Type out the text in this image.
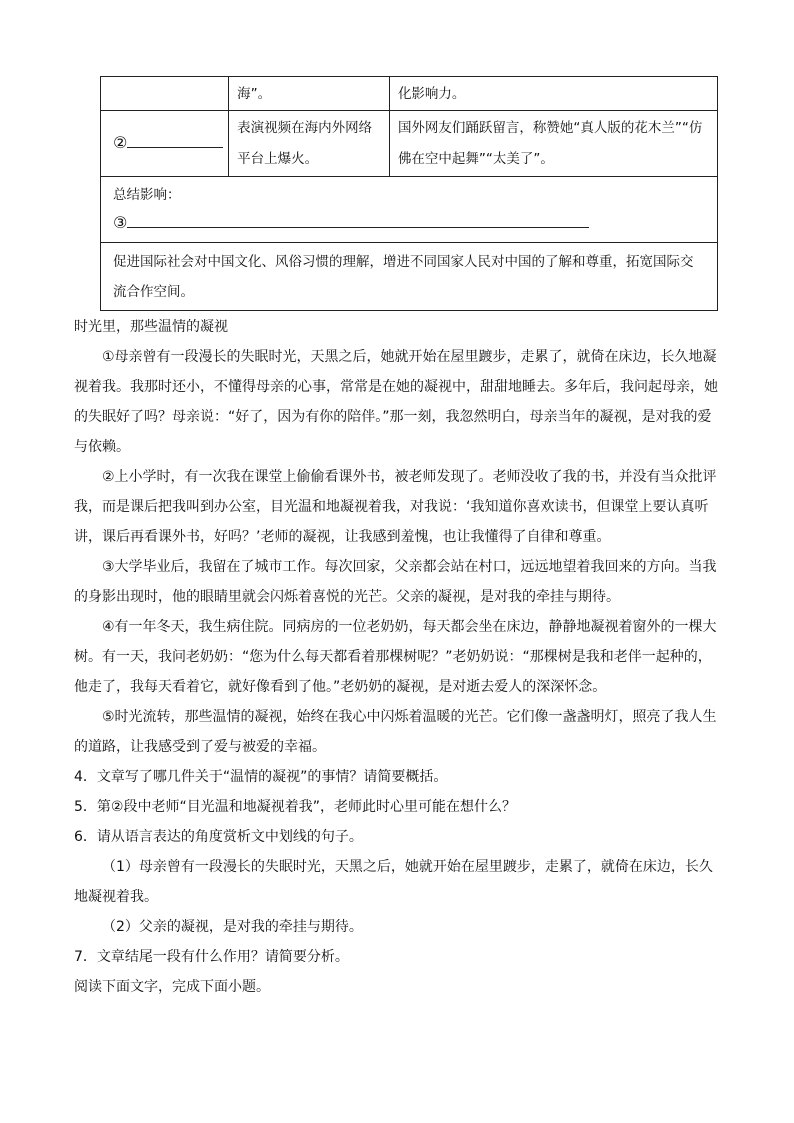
	海”。	化影响力。
②	表演视频在海内外网络平台上爆火。	国外网友们踊跃留言，称赞她“真人版的花木兰”“仿佛在空中起舞”“太美了”。

总结影响：
③		

促进国际社会对中国文化、风俗习惯的理解，增进不同国家人民对中国的了解和尊重，拓宽国际交流合作空间。		

时光里，那些温情的凝视

①母亲曾有一段漫长的失眠时光，天黑之后，她就开始在屋里踱步，走累了，就倚在床边，长久地凝视着我。我那时还小，不懂得母亲的心事，常常是在她的凝视中，甜甜地睡去。多年后，我问起母亲，她的失眠好了吗？母亲说：“好了，因为有你的陪伴。”那一刻，我忽然明白，母亲当年的凝视，是对我的爱与依赖。

②上小学时，有一次我在课堂上偷偷看课外书，被老师发现了。老师没收了我的书，并没有当众批评我，而是课后把我叫到办公室，目光温和地凝视着我，对我说：‘我知道你喜欢读书，但课堂上要认真听讲，课后再看课外书，好吗？’老师的凝视，让我感到羞愧，也让我懂得了自律和尊重。

③大学毕业后，我留在了城市工作。每次回家，父亲都会站在村口，远远地望着我回来的方向。当我的身影出现时，他的眼睛里就会闪烁着喜悦的光芒。父亲的凝视，是对我的牵挂与期待。

④有一年冬天，我生病住院。同病房的一位老奶奶，每天都会坐在床边，静静地凝视着窗外的一棵大树。有一天，我问老奶奶：“您为什么每天都看着那棵树呢？”老奶奶说：“那棵树是我和老伴一起种的，他走了，我每天看着它，就好像看到了他。”老奶奶的凝视，是对逝去爱人的深深怀念。

⑤时光流转，那些温情的凝视，始终在我心中闪烁着温暖的光芒。它们像一盏盏明灯，照亮了我人生的道路，让我感受到了爱与被爱的幸福。

4．文章写了哪几件关于“温情的凝视”的事情？请简要概括。

5．第②段中老师“目光温和地凝视着我”，老师此时心里可能在想什么？

6．请从语言表达的角度赏析文中划线的句子。

（1）母亲曾有一段漫长的失眠时光，天黑之后，她就开始在屋里踱步，走累了，就倚在床边，长久地凝视着我。

（2）父亲的凝视，是对我的牵挂与期待。

7．文章结尾一段有什么作用？请简要分析。

阅读下面文字，完成下面小题。
